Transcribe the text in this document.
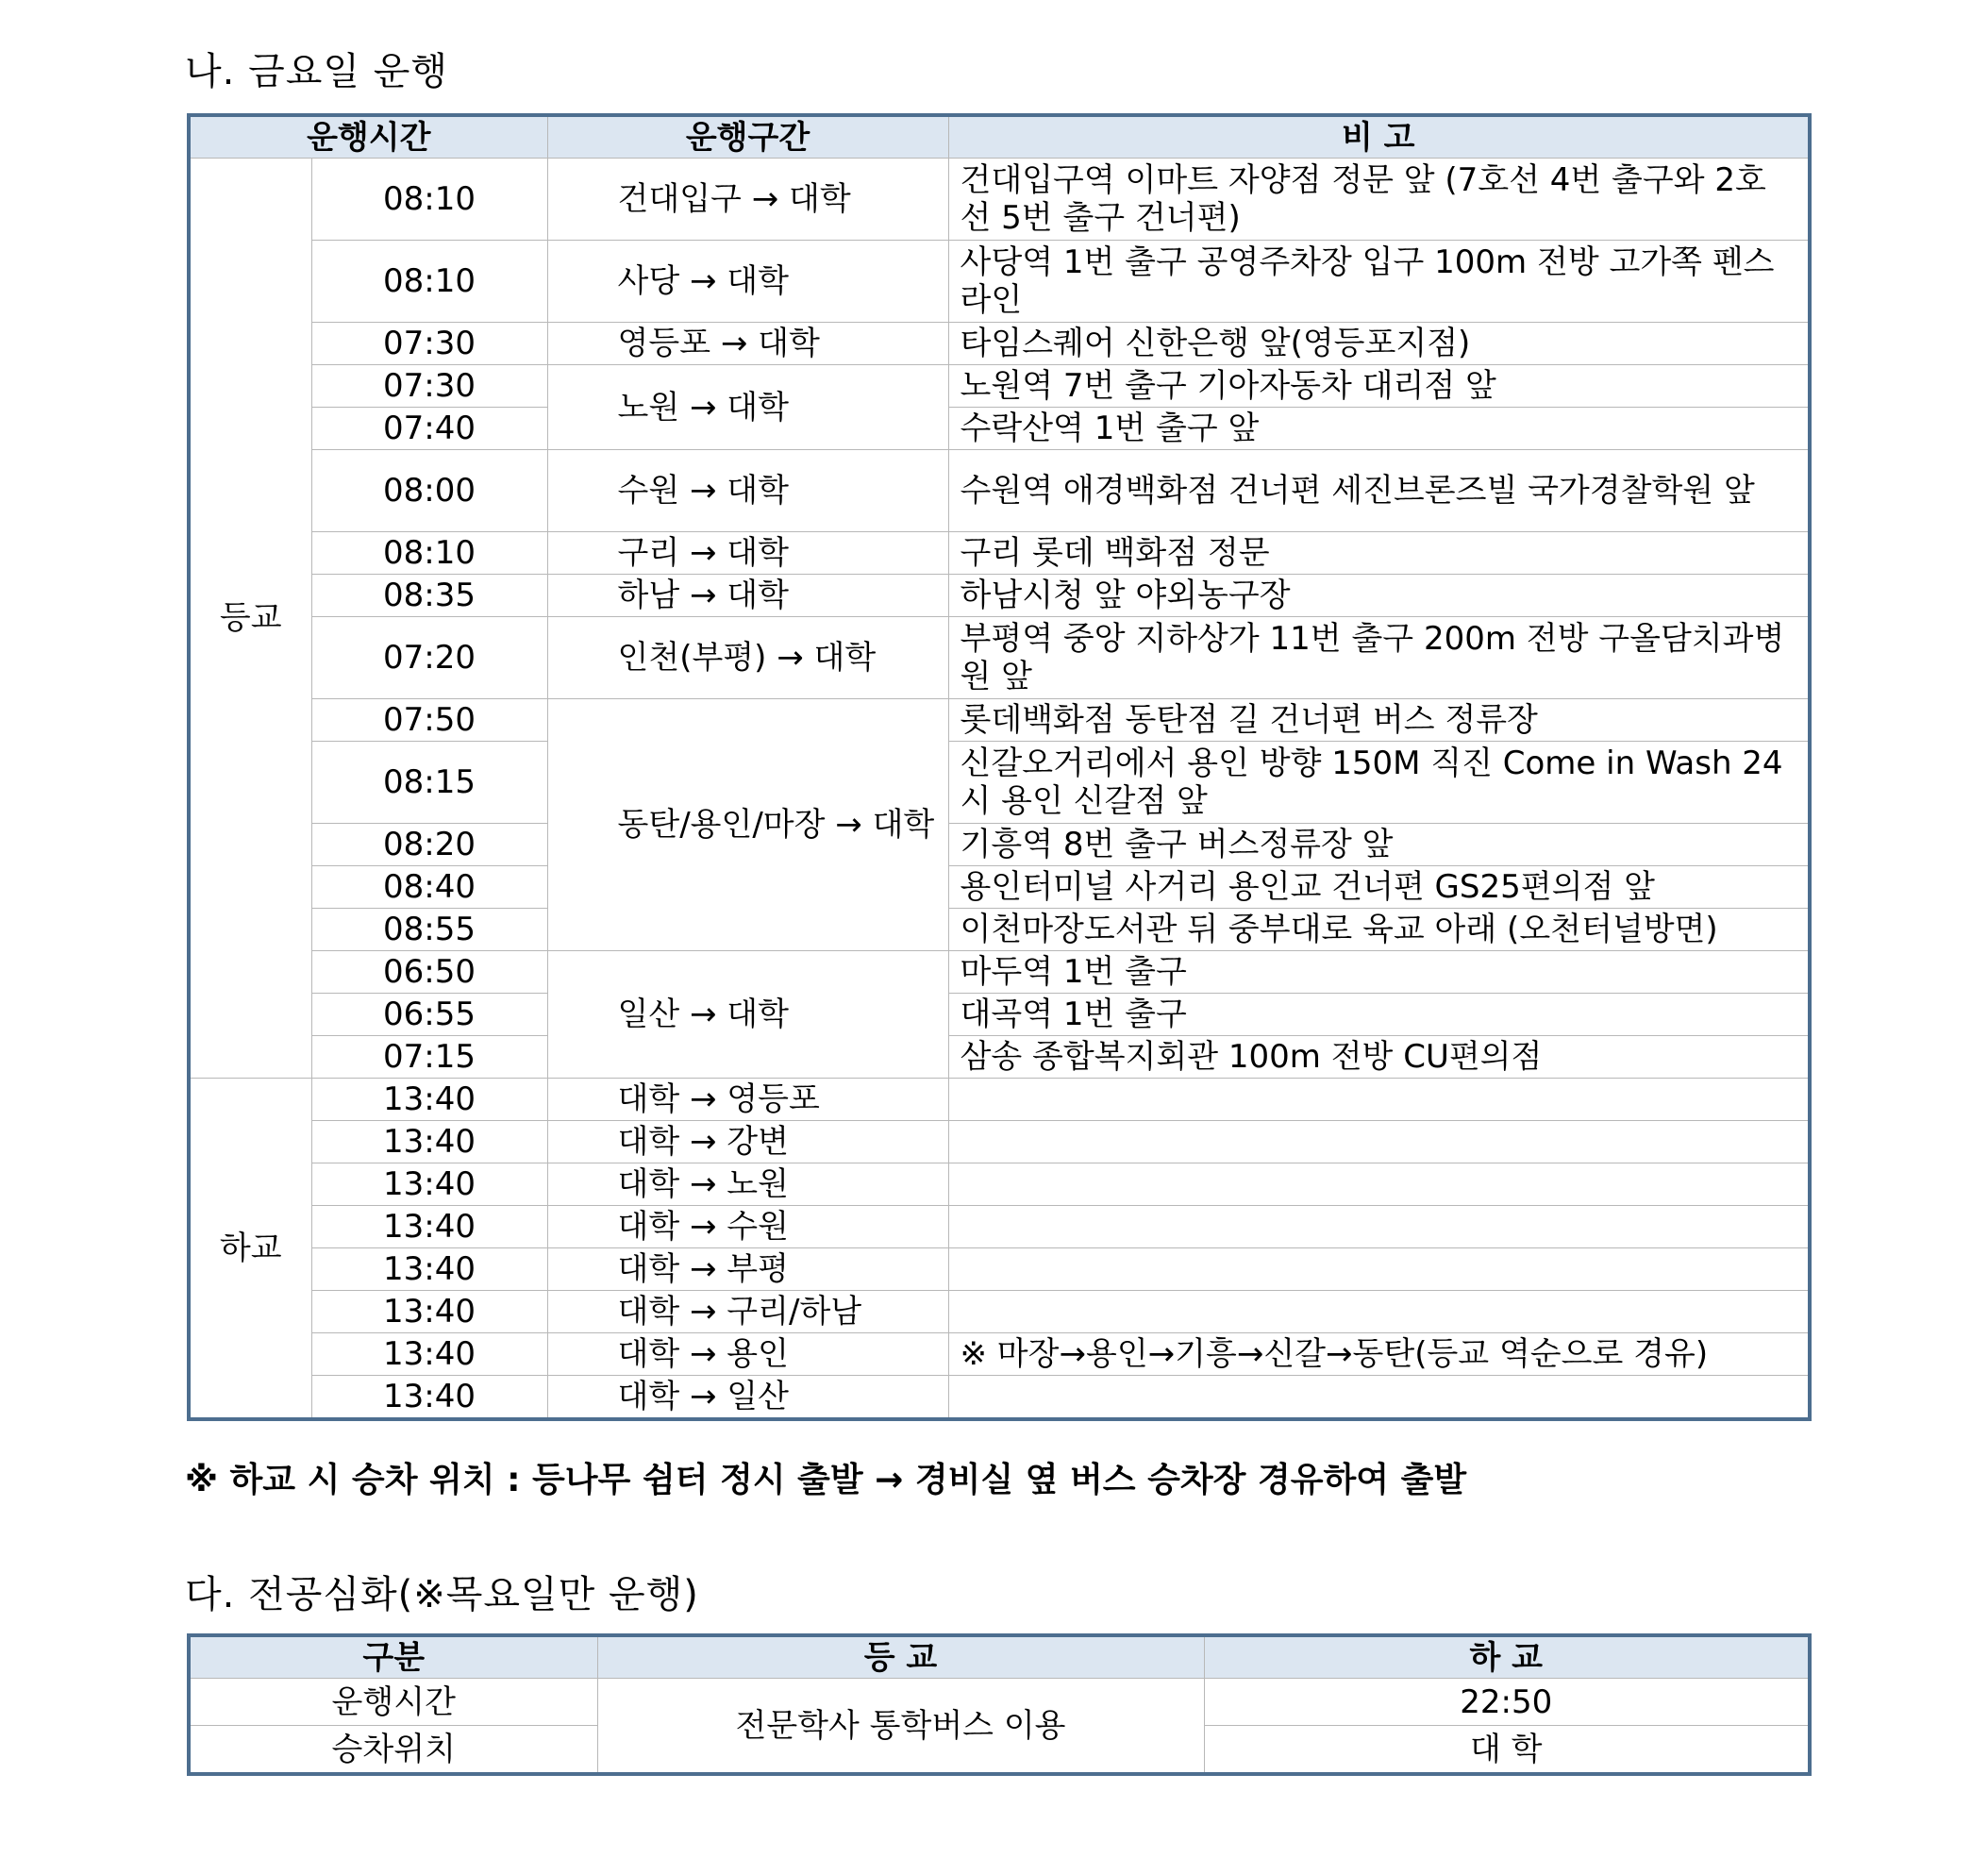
나. 금요일 운행
운행시간		운행구간	비 고
등교	08:10	건대입구 → 대학	건대입구역 이마트 자양점 정문 앞 (7호선 4번 출구와 2호선 5번 출구 건너편)
	08:10	사당 → 대학	사당역 1번 출구 공영주차장 입구 100m 전방 고가쪽 펜스라인
	07:30	영등포 → 대학	타임스퀘어 신한은행 앞(영등포지점)
	07:30	노원 → 대학	노원역 7번 출구 기아자동차 대리점 앞
	07:40		수락산역 1번 출구 앞
	08:00	수원 → 대학	수원역 애경백화점 건너편 세진브론즈빌 국가경찰학원 앞
	08:10	구리 → 대학	구리 롯데 백화점 정문
	08:35	하남 → 대학	하남시청 앞 야외농구장
	07:20	인천(부평) → 대학	부평역 중앙 지하상가 11번 출구 200m 전방 구올담치과병원 앞
	07:50	동탄/용인/마장 → 대학	롯데백화점 동탄점 길 건너편 버스 정류장
	08:15		신갈오거리에서 용인 방향 150M 직진 Come in Wash 24시 용인 신갈점 앞
	08:20		기흥역 8번 출구 버스정류장 앞
	08:40		용인터미널 사거리 용인교 건너편 GS25편의점 앞
	08:55		이천마장도서관 뒤 중부대로 육교 아래 (오천터널방면)
	06:50	일산 → 대학	마두역 1번 출구
	06:55		대곡역 1번 출구
	07:15		삼송 종합복지회관 100m 전방 CU편의점
하교	13:40	대학 → 영등포	
	13:40	대학 → 강변	
	13:40	대학 → 노원	
	13:40	대학 → 수원	
	13:40	대학 → 부평	
	13:40	대학 → 구리/하남	
	13:40	대학 → 용인	※ 마장→용인→기흥→신갈→동탄(등교 역순으로 경유)
	13:40	대학 → 일산	
※ 하교 시 승차 위치 : 등나무 쉼터 정시 출발 → 경비실 옆 버스 승차장 경유하여 출발
다. 전공심화(※목요일만 운행)
구분	등 교	하 교
운행시간	전문학사 통학버스 이용	22:50
승차위치		대 학
